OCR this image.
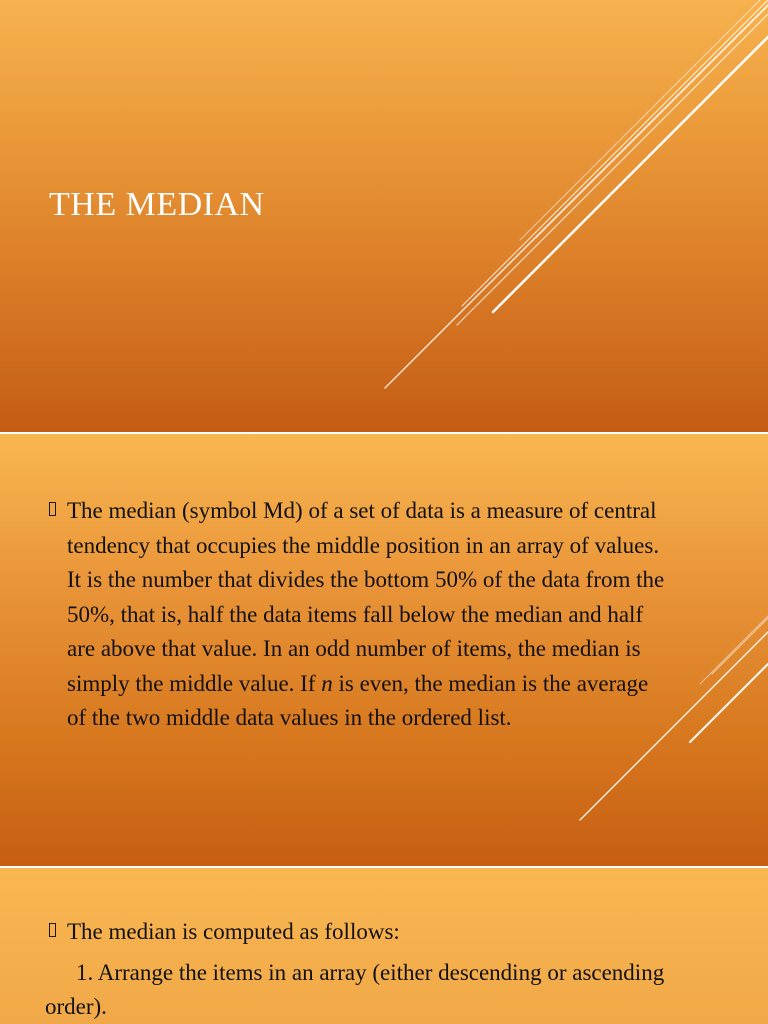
THE MEDIAN

The median (symbol Md) of a set of data is a measure of central tendency that occupies the middle position in an array of values. It is the number that divides the bottom 50% of the data from the 50%, that is, half the data items fall below the median and half are above that value. In an odd number of items, the median is simply the middle value. If n is even, the median is the average of the two middle data values in the ordered list.

The median is computed as follows:

1. Arrange the items in an array (either descending or ascending order).
